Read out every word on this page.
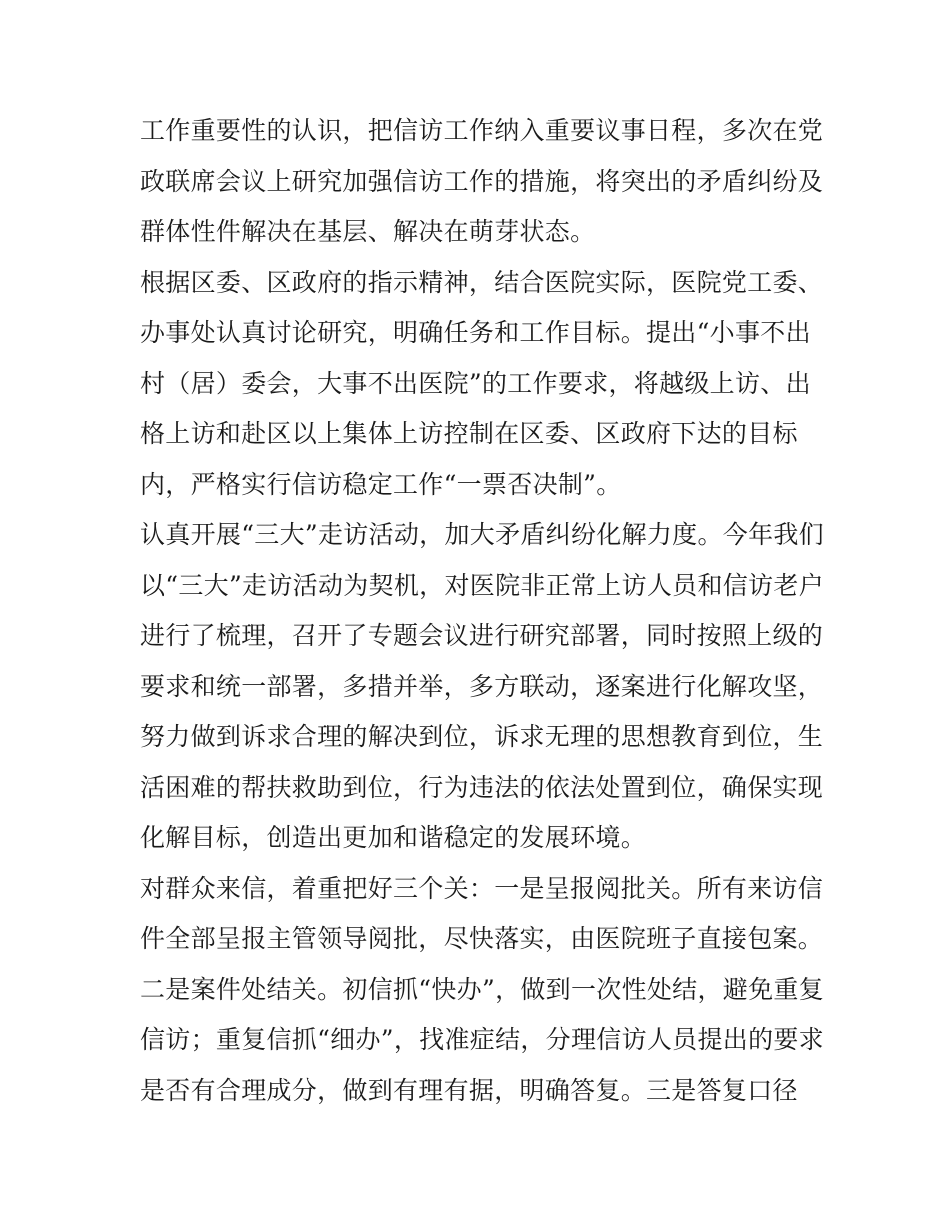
工作重要性的认识，把信访工作纳入重要议事日程，多次在党
政联席会议上研究加强信访工作的措施，将突出的矛盾纠纷及
群体性件解决在基层、解决在萌芽状态。
根据区委、区政府的指示精神，结合医院实际，医院党工委、
办事处认真讨论研究，明确任务和工作目标。提出“小事不出
村（居）委会，大事不出医院”的工作要求，将越级上访、出
格上访和赴区以上集体上访控制在区委、区政府下达的目标
内，严格实行信访稳定工作“一票否决制”。
认真开展“三大”走访活动，加大矛盾纠纷化解力度。今年我们
以“三大”走访活动为契机，对医院非正常上访人员和信访老户
进行了梳理，召开了专题会议进行研究部署，同时按照上级的
要求和统一部署，多措并举，多方联动，逐案进行化解攻坚，
努力做到诉求合理的解决到位，诉求无理的思想教育到位，生
活困难的帮扶救助到位，行为违法的依法处置到位，确保实现
化解目标，创造出更加和谐稳定的发展环境。
对群众来信，着重把好三个关：一是呈报阅批关。所有来访信
件全部呈报主管领导阅批，尽快落实，由医院班子直接包案。
二是案件处结关。初信抓“快办”，做到一次性处结，避免重复
信访；重复信抓“细办”，找准症结，分理信访人员提出的要求
是否有合理成分，做到有理有据，明确答复。三是答复口径
